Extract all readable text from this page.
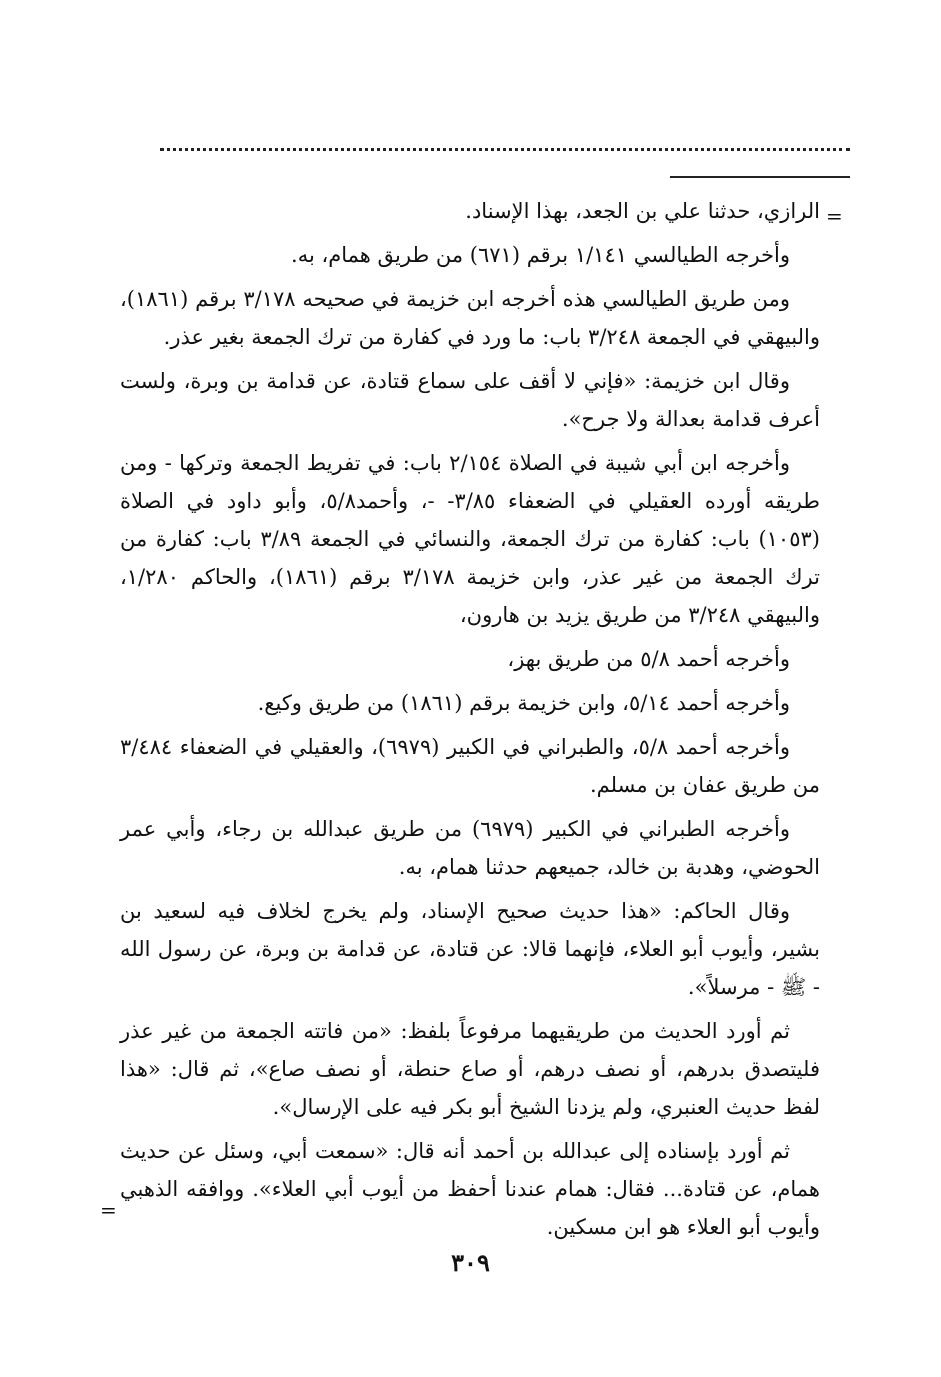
=

الرازي، حدثنا علي بن الجعد، بهذا الإسناد.

وأخرجه الطيالسي ١/١٤١ برقم (٦٧١) من طريق همام، به.

ومن طريق الطيالسي هذه أخرجه ابن خزيمة في صحيحه ٣/١٧٨ برقم (١٨٦١)، والبيهقي في الجمعة ٣/٢٤٨ باب: ما ورد في كفارة من ترك الجمعة بغير عذر.

وقال ابن خزيمة: «فإني لا أقف على سماع قتادة، عن قدامة بن وبرة، ولست أعرف قدامة بعدالة ولا جرح».

وأخرجه ابن أبي شيبة في الصلاة ٢/١٥٤ باب: في تفريط الجمعة وتركها - ومن طريقه أورده العقيلي في الضعفاء ٣/٨٥- -، وأحمد٥/٨، وأبو داود في الصلاة (١٠٥٣) باب: كفارة من ترك الجمعة، والنسائي في الجمعة ٣/٨٩ باب: كفارة من ترك الجمعة من غير عذر، وابن خزيمة ٣/١٧٨ برقم (١٨٦١)، والحاكم ١/٢٨٠، والبيهقي ٣/٢٤٨ من طريق يزيد بن هارون،

وأخرجه أحمد ٥/٨ من طريق بهز،

وأخرجه أحمد ٥/١٤، وابن خزيمة برقم (١٨٦١) من طريق وكيع.

وأخرجه أحمد ٥/٨، والطبراني في الكبير (٦٩٧٩)، والعقيلي في الضعفاء ٣/٤٨٤ من طريق عفان بن مسلم.

وأخرجه الطبراني في الكبير (٦٩٧٩) من طريق عبدالله بن رجاء، وأبي عمر الحوضي، وهدبة بن خالد، جميعهم حدثنا همام، به.

وقال الحاكم: «هذا حديث صحيح الإسناد، ولم يخرج لخلاف فيه لسعيد بن بشير، وأيوب أبو العلاء، فإنهما قالا: عن قتادة، عن قدامة بن وبرة، عن رسول الله - ﷺ - مرسلاً».

ثم أورد الحديث من طريقيهما مرفوعاً بلفظ: «من فاتته الجمعة من غير عذر فليتصدق بدرهم، أو نصف درهم، أو صاع حنطة، أو نصف صاع»، ثم قال: «هذا لفظ حديث العنبري، ولم يزدنا الشيخ أبو بكر فيه على الإرسال».

ثم أورد بإسناده إلى عبدالله بن أحمد أنه قال: «سمعت أبي، وسئل عن حديث همام، عن قتادة... فقال: همام عندنا أحفظ من أيوب أبي العلاء». ووافقه الذهبي وأيوب أبو العلاء هو ابن مسكين.

=
٣٠٩
